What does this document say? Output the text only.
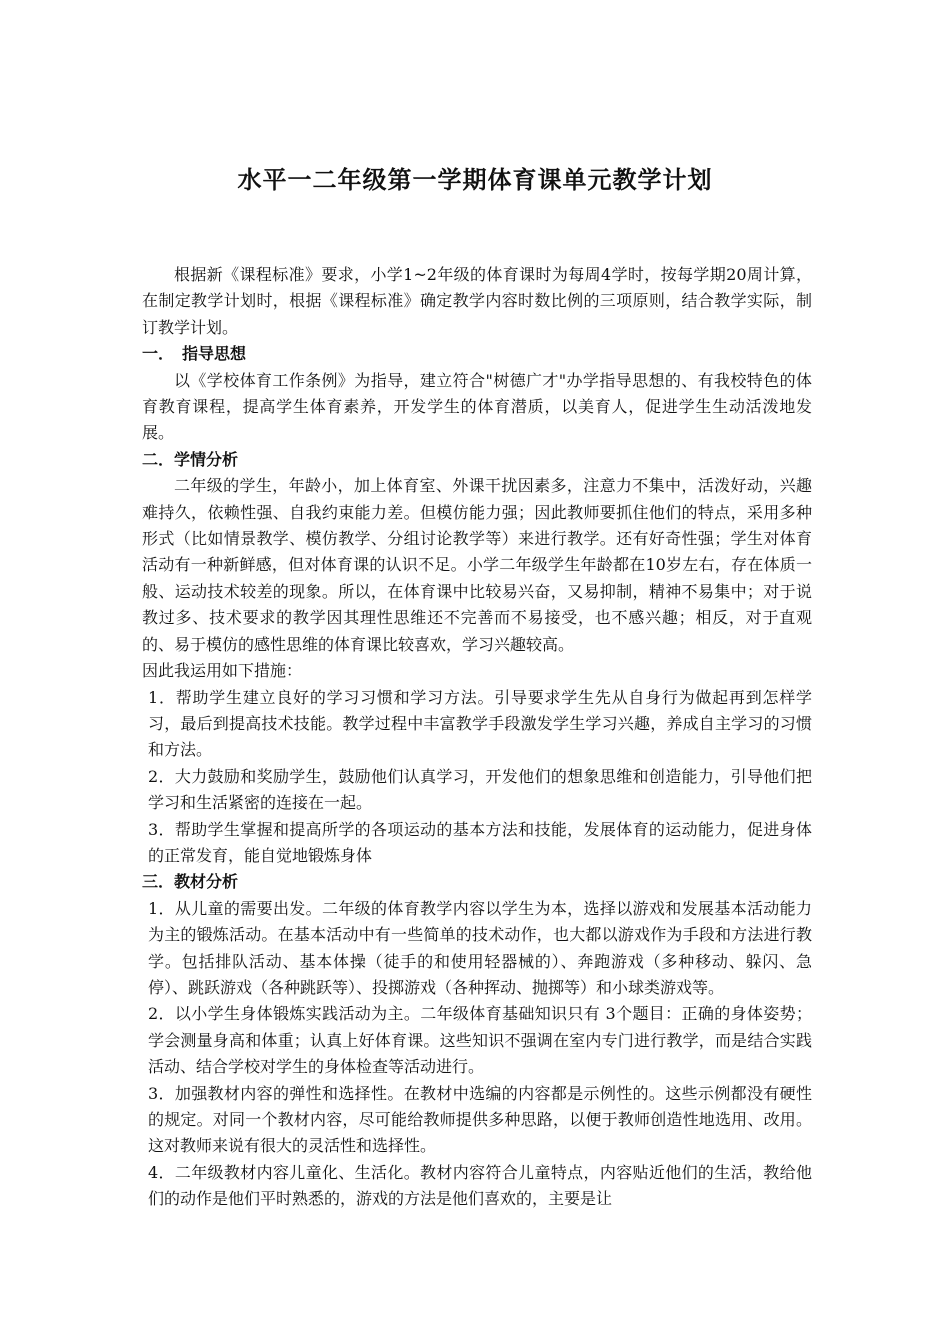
水平一二年级第一学期体育课单元教学计划

根据新《课程标准》要求，小学1~2年级的体育课时为每周4学时，按每学期20周计算，在制定教学计划时，根据《课程标准》确定教学内容时数比例的三项原则，结合教学实际，制订教学计划。

一．　指导思想

以《学校体育工作条例》为指导，建立符合"树德广才"办学指导思想的、有我校特色的体育教育课程，提高学生体育素养，开发学生的体育潜质，以美育人，促进学生生动活泼地发展。

二．学情分析

二年级的学生，年龄小，加上体育室、外课干扰因素多，注意力不集中，活泼好动，兴趣难持久，依赖性强、自我约束能力差。但模仿能力强；因此教师要抓住他们的特点，采用多种形式（比如情景教学、模仿教学、分组讨论教学等）来进行教学。还有好奇性强；学生对体育活动有一种新鲜感，但对体育课的认识不足。小学二年级学生年龄都在10岁左右，存在体质一般、运动技术较差的现象。所以，在体育课中比较易兴奋，又易抑制，精神不易集中；对于说教过多、技术要求的教学因其理性思维还不完善而不易接受，也不感兴趣；相反，对于直观的、易于模仿的感性思维的体育课比较喜欢，学习兴趣较高。

因此我运用如下措施：

1．帮助学生建立良好的学习习惯和学习方法。引导要求学生先从自身行为做起再到怎样学习，最后到提高技术技能。教学过程中丰富教学手段激发学生学习兴趣，养成自主学习的习惯和方法。

2．大力鼓励和奖励学生，鼓励他们认真学习，开发他们的想象思维和创造能力，引导他们把学习和生活紧密的连接在一起。

3．帮助学生掌握和提高所学的各项运动的基本方法和技能，发展体育的运动能力，促进身体的正常发育，能自觉地锻炼身体

三．教材分析

1．从儿童的需要出发。二年级的体育教学内容以学生为本，选择以游戏和发展基本活动能力为主的锻炼活动。在基本活动中有一些简单的技术动作，也大都以游戏作为手段和方法进行教学。包括排队活动、基本体操（徒手的和使用轻器械的）、奔跑游戏（多种移动、躲闪、急停）、跳跃游戏（各种跳跃等）、投掷游戏（各种挥动、抛掷等）和小球类游戏等。

2．以小学生身体锻炼实践活动为主。二年级体育基础知识只有 3个题目：正确的身体姿势；学会测量身高和体重；认真上好体育课。这些知识不强调在室内专门进行教学，而是结合实践活动、结合学校对学生的身体检查等活动进行。

3．加强教材内容的弹性和选择性。在教材中选编的内容都是示例性的。这些示例都没有硬性的规定。对同一个教材内容，尽可能给教师提供多种思路，以便于教师创造性地选用、改用。这对教师来说有很大的灵活性和选择性。

4．二年级教材内容儿童化、生活化。教材内容符合儿童特点，内容贴近他们的生活，教给他们的动作是他们平时熟悉的，游戏的方法是他们喜欢的，主要是让
